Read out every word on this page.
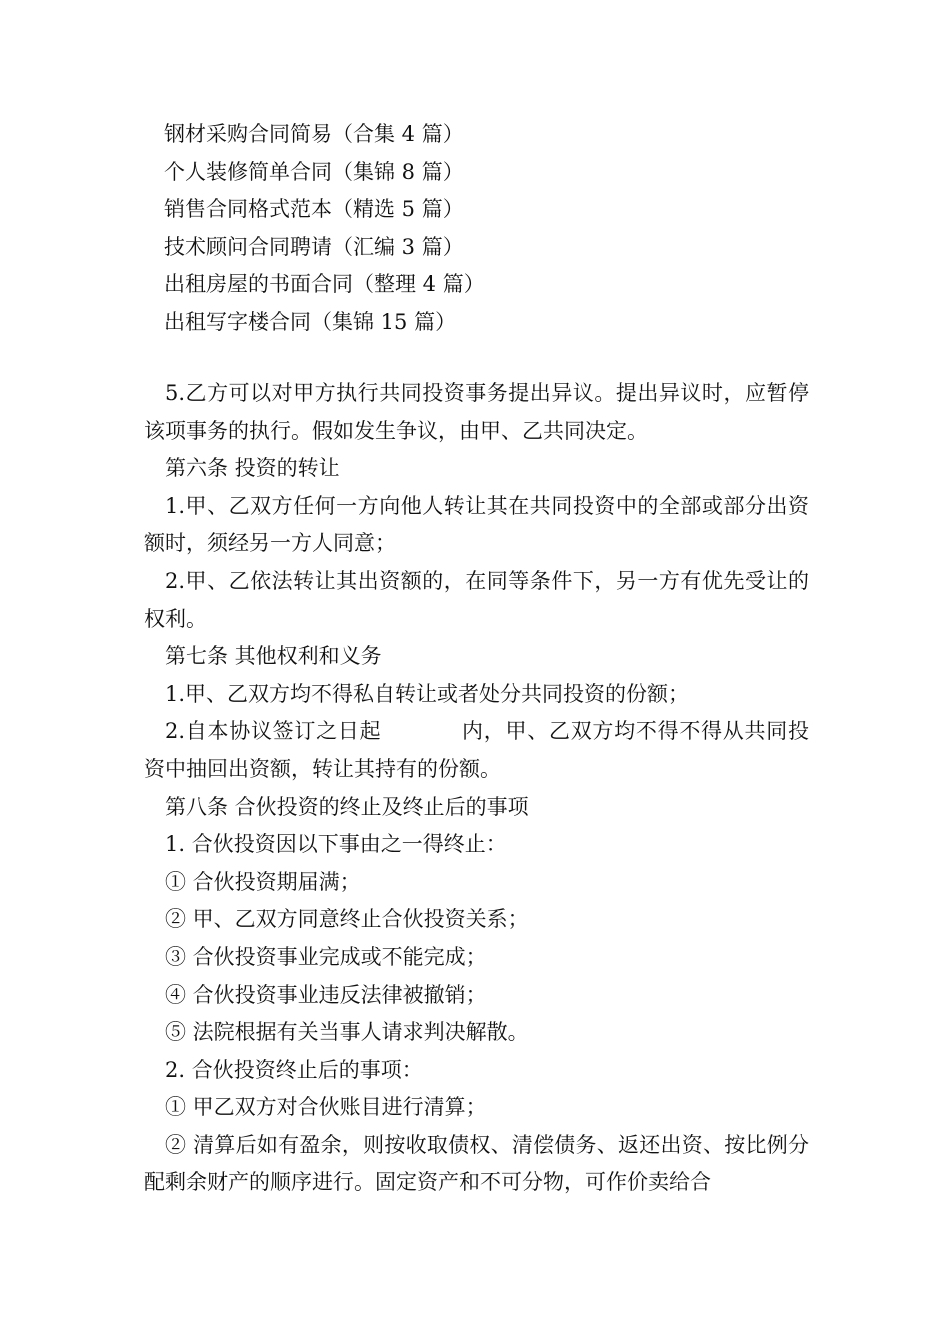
钢材采购合同简易（合集 4 篇）
个人装修简单合同（集锦 8 篇）
销售合同格式范本（精选 5 篇）
技术顾问合同聘请（汇编 3 篇）
出租房屋的书面合同（整理 4 篇）
出租写字楼合同（集锦 15 篇）

5.乙方可以对甲方执行共同投资事务提出异议。提出异议时，应暂停该项事务的执行。假如发生争议，由甲、乙共同决定。

第六条 投资的转让

1.甲、乙双方任何一方向他人转让其在共同投资中的全部或部分出资额时，须经另一方人同意；

2.甲、乙依法转让其出资额的，在同等条件下，另一方有优先受让的权利。

第七条 其他权利和义务

1.甲、乙双方均不得私自转让或者处分共同投资的份额；

2.自本协议签订之日起	内，甲、乙双方均不得不得从共同投资中抽回出资额，转让其持有的份额。

第八条 合伙投资的终止及终止后的事项

1. 合伙投资因以下事由之一得终止：

① 合伙投资期届满；

② 甲、乙双方同意终止合伙投资关系；

③ 合伙投资事业完成或不能完成；

④ 合伙投资事业违反法律被撤销；

⑤ 法院根据有关当事人请求判决解散。

2. 合伙投资终止后的事项：

① 甲乙双方对合伙账目进行清算；

② 清算后如有盈余，则按收取债权、清偿债务、返还出资、按比例分配剩余财产的顺序进行。固定资产和不可分物，可作价卖给合
